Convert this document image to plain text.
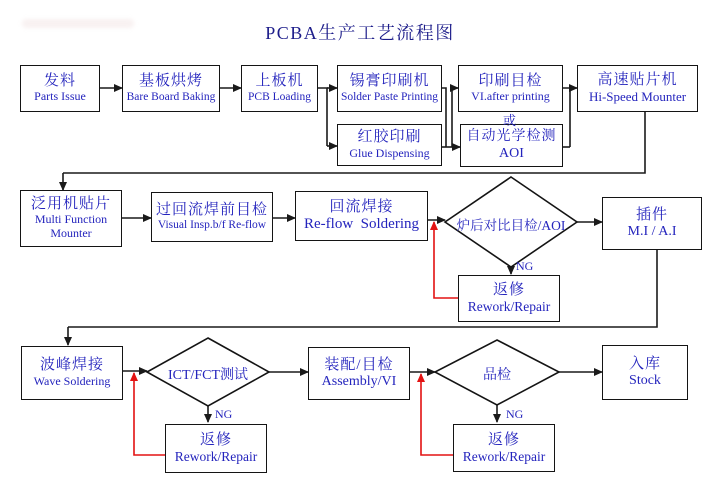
PCBA生产工艺流程图
发料
Parts Issue
基板烘烤
Bare Board Baking
上板机
PCB Loading
锡膏印刷机
Solder Paste Printing
印刷目检
VI.after printing
高速贴片机
Hi-Speed Mounter
红胶印刷
Glue Dispensing
或
自动光学检测
AOI
泛用机贴片
Multi Function
Mounter
过回流焊前目检
Visual Insp.b/f Re-flow
回流焊接
Re-flow  Soldering	炉后对比目检/AOI
插件
M.I / A.I
NG
返修
Rework/Repair
波峰焊接
Wave Soldering	ICT/FCT测试
NG
返修
Rework/Repair
装配/目检
Assembly/VI	品检
NG
返修
Rework/Repair
入库
Stock
